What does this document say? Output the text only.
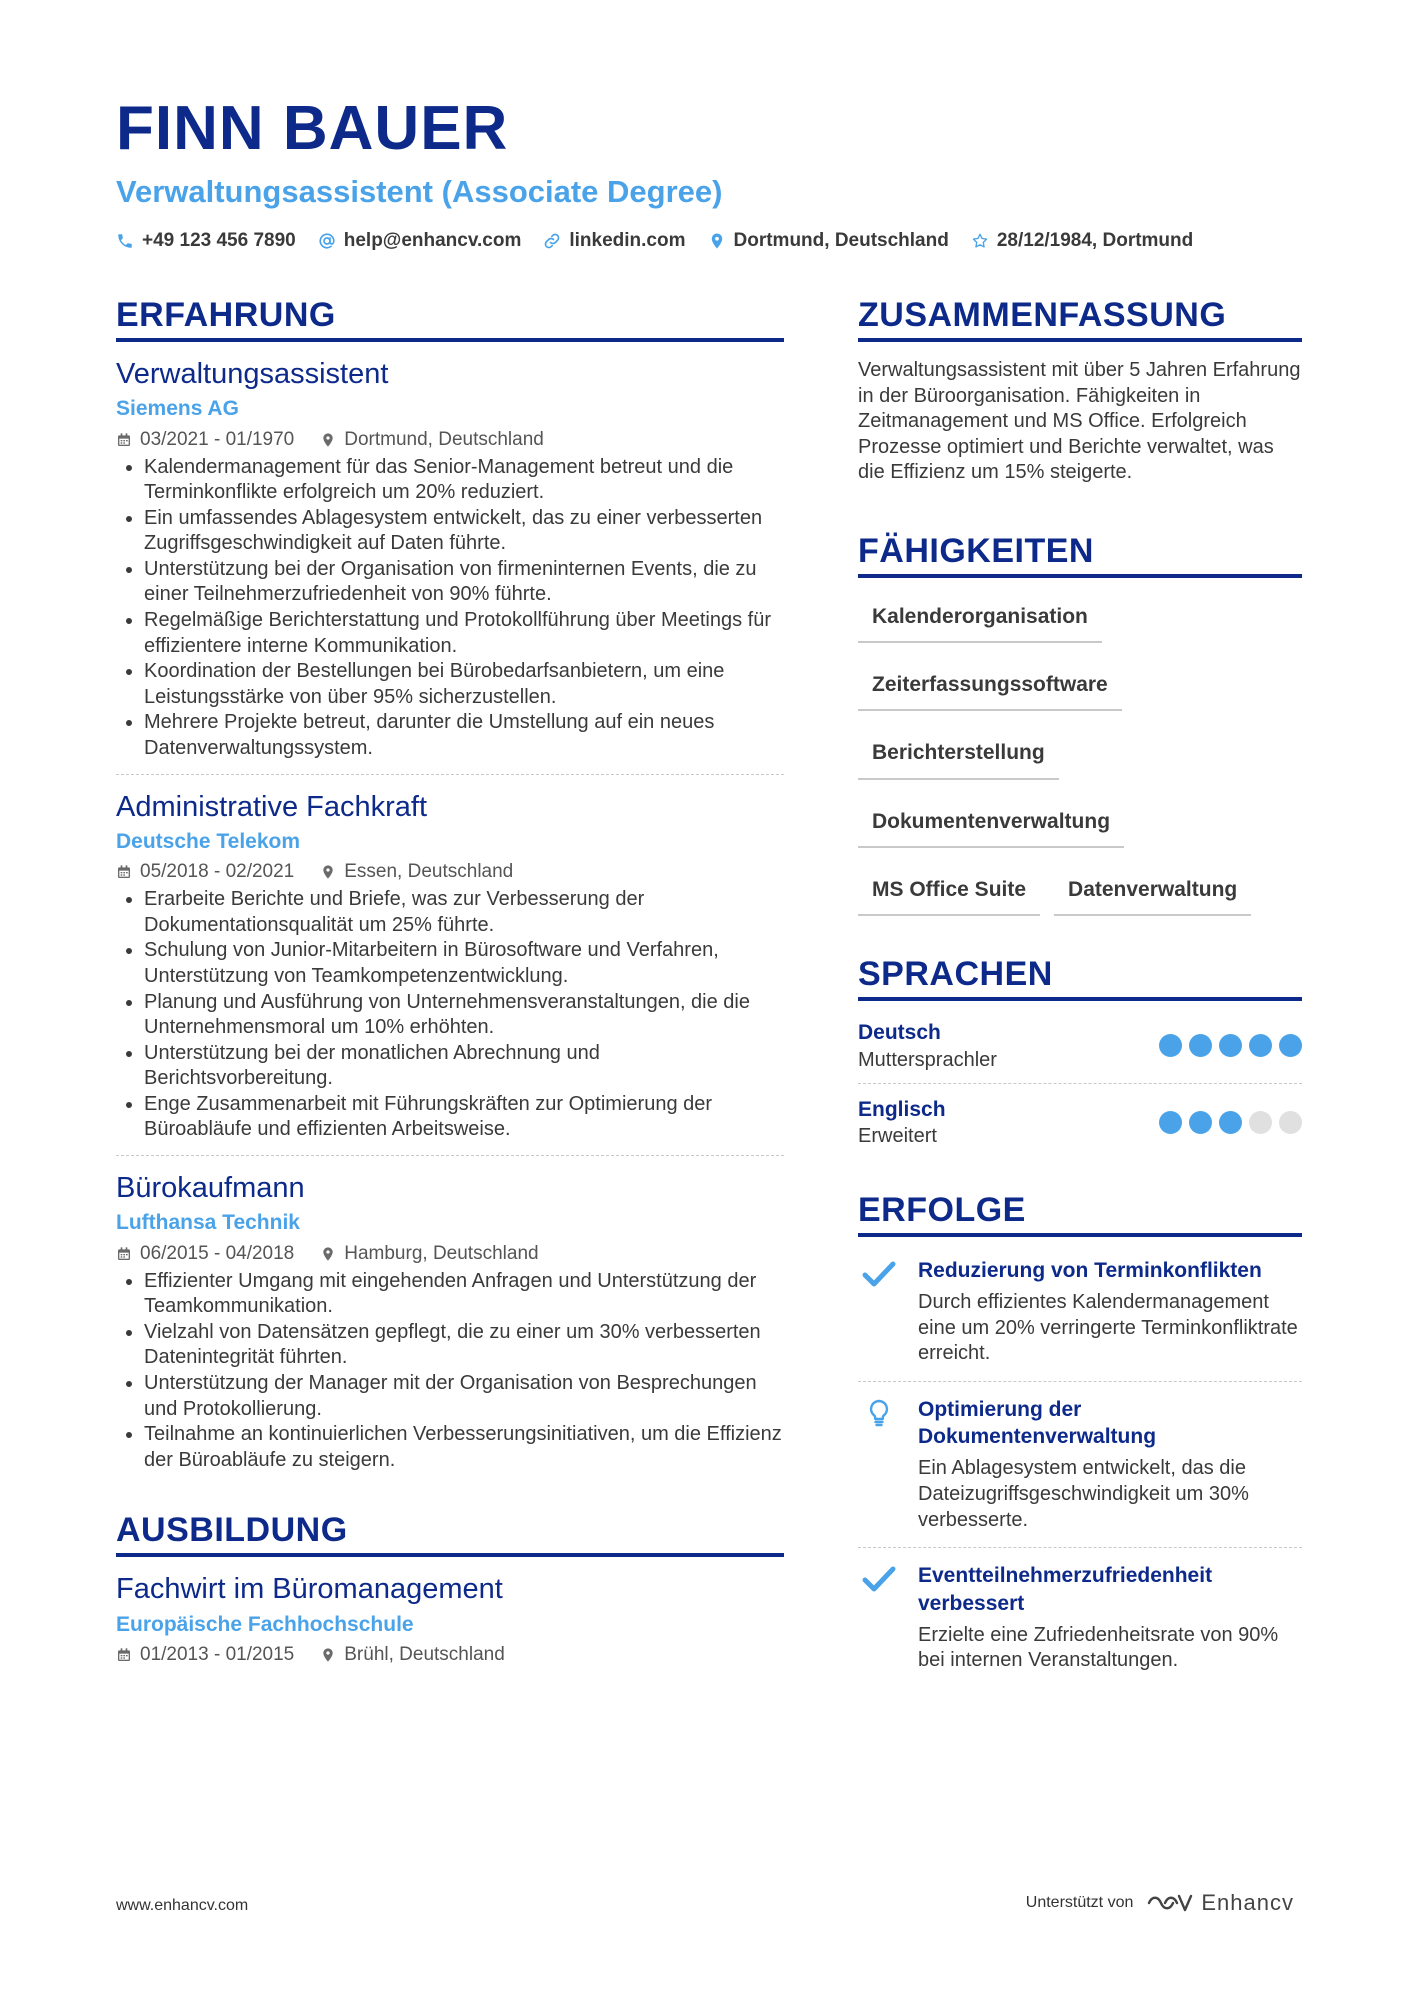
FINN BAUER
Verwaltungsassistent (Associate Degree)
+49 123 456 7890	help@enhancv.com	linkedin.com	Dortmund, Deutschland	28/12/1984, Dortmund
ERFAHRUNG
Verwaltungsassistent
Siemens AG
03/2021 - 01/1970	Dortmund, Deutschland
Kalendermanagement für das Senior-Management betreut und die Terminkonflikte erfolgreich um 20% reduziert.
Ein umfassendes Ablagesystem entwickelt, das zu einer verbesserten Zugriffsgeschwindigkeit auf Daten führte.
Unterstützung bei der Organisation von firmeninternen Events, die zu einer Teilnehmerzufriedenheit von 90% führte.
Regelmäßige Berichterstattung und Protokollführung über Meetings für effizientere interne Kommunikation.
Koordination der Bestellungen bei Bürobedarfsanbietern, um eine Leistungsstärke von über 95% sicherzustellen.
Mehrere Projekte betreut, darunter die Umstellung auf ein neues Datenverwaltungssystem.
Administrative Fachkraft
Deutsche Telekom
05/2018 - 02/2021	Essen, Deutschland
Erarbeite Berichte und Briefe, was zur Verbesserung der Dokumentationsqualität um 25% führte.
Schulung von Junior-Mitarbeitern in Bürosoftware und Verfahren, Unterstützung von Teamkompetenzentwicklung.
Planung und Ausführung von Unternehmensveranstaltungen, die die Unternehmensmoral um 10% erhöhten.
Unterstützung bei der monatlichen Abrechnung und Berichtsvorbereitung.
Enge Zusammenarbeit mit Führungskräften zur Optimierung der Büroabläufe und effizienten Arbeitsweise.
Bürokaufmann
Lufthansa Technik
06/2015 - 04/2018	Hamburg, Deutschland
Effizienter Umgang mit eingehenden Anfragen und Unterstützung der Teamkommunikation.
Vielzahl von Datensätzen gepflegt, die zu einer um 30% verbesserten Datenintegrität führten.
Unterstützung der Manager mit der Organisation von Besprechungen und Protokollierung.
Teilnahme an kontinuierlichen Verbesserungsinitiativen, um die Effizienz der Büroabläufe zu steigern.
AUSBILDUNG
Fachwirt im Büromanagement
Europäische Fachhochschule
01/2013 - 01/2015	Brühl, Deutschland
ZUSAMMENFASSUNG
Verwaltungsassistent mit über 5 Jahren Erfahrung in der Büroorganisation. Fähigkeiten in Zeitmanagement und MS Office. Erfolgreich Prozesse optimiert und Berichte verwaltet, was die Effizienz um 15% steigerte.
FÄHIGKEITEN
Kalenderorganisation
Zeiterfassungssoftware
Berichterstellung
Dokumentenverwaltung
MS Office Suite	Datenverwaltung
SPRACHEN
Deutsch
Muttersprachler
Englisch
Erweitert
ERFOLGE
Reduzierung von Terminkonflikten
Durch effizientes Kalendermanagement eine um 20% verringerte Terminkonfliktrate erreicht.
Optimierung der Dokumentenverwaltung
Ein Ablagesystem entwickelt, das die Dateizugriffsgeschwindigkeit um 30% verbesserte.
Eventteilnehmerzufriedenheit verbessert
Erzielte eine Zufriedenheitsrate von 90% bei internen Veranstaltungen.
www.enhancv.com	Unterstützt von	Enhancv
